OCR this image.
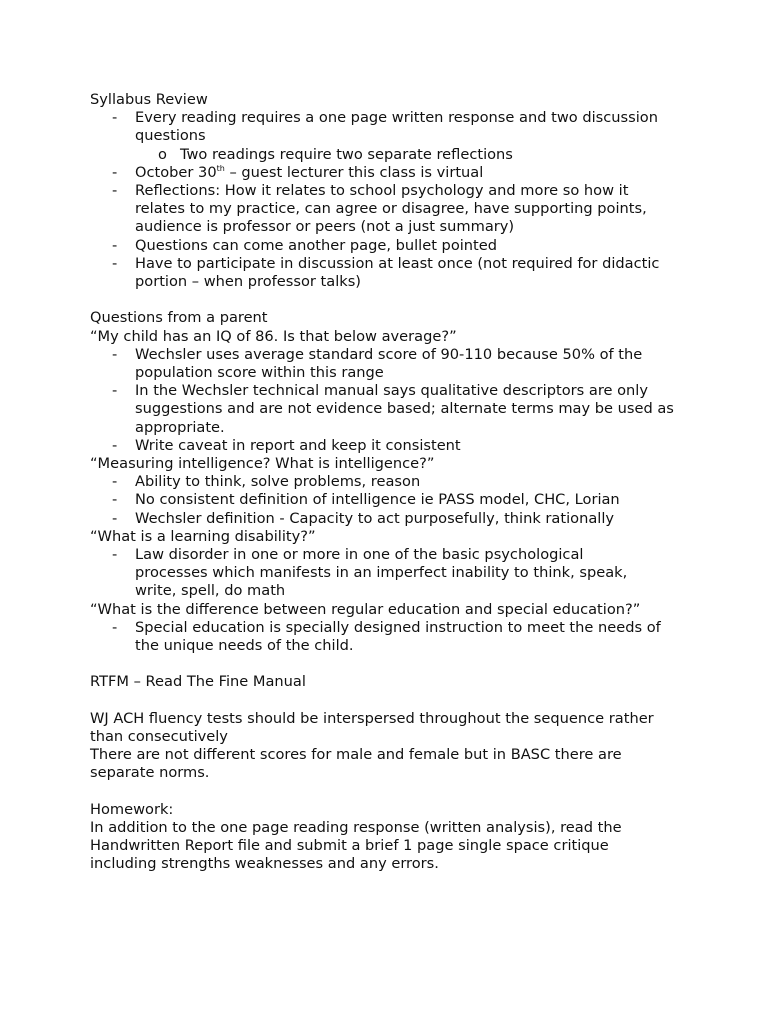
Syllabus Review
- Every reading requires a one page written response and two discussion questions
o Two readings require two separate reflections
- October 30th – guest lecturer this class is virtual
- Reflections: How it relates to school psychology and more so how it relates to my practice, can agree or disagree, have supporting points, audience is professor or peers (not a just summary)
- Questions can come another page, bullet pointed
- Have to participate in discussion at least once (not required for didactic portion – when professor talks)
Questions from a parent
“My child has an IQ of 86. Is that below average?”
- Wechsler uses average standard score of 90-110 because 50% of the population score within this range
- In the Wechsler technical manual says qualitative descriptors are only suggestions and are not evidence based; alternate terms may be used as appropriate.
- Write caveat in report and keep it consistent
“Measuring intelligence? What is intelligence?”
- Ability to think, solve problems, reason
- No consistent definition of intelligence ie PASS model, CHC, Lorian
- Wechsler definition - Capacity to act purposefully, think rationally
“What is a learning disability?”
- Law disorder in one or more in one of the basic psychological processes which manifests in an imperfect inability to think, speak, write, spell, do math
“What is the difference between regular education and special education?”
- Special education is specially designed instruction to meet the needs of the unique needs of the child.
RTFM – Read The Fine Manual
WJ ACH fluency tests should be interspersed throughout the sequence rather than consecutively
There are not different scores for male and female but in BASC there are separate norms.
Homework:
In addition to the one page reading response (written analysis), read the Handwritten Report file and submit a brief 1 page single space critique including strengths weaknesses and any errors.
